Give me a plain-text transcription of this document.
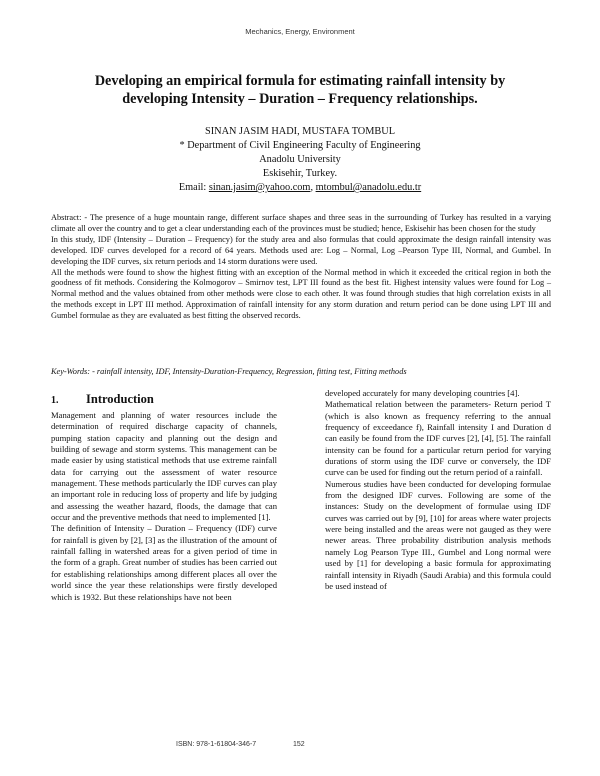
Mechanics, Energy, Environment
Developing an empirical formula for estimating rainfall intensity by developing Intensity – Duration – Frequency relationships.
SINAN JASIM HADI, MUSTAFA TOMBUL
* Department of Civil Engineering Faculty of Engineering
Anadolu University
Eskisehir, Turkey.
Email: sinan.jasim@yahoo.com, mtombul@anadolu.edu.tr

Abstract: - The presence of a huge mountain range, different surface shapes and three seas in the surrounding of Turkey has resulted in a varying climate all over the country and to get a clear understanding each of the provinces must be studied; hence, Eskisehir has been chosen for the study

In this study, IDF (Intensity – Duration – Frequency) for the study area and also formulas that could approximate the design rainfall intensity was developed. IDF curves developed for a record of 64 years. Methods used are: Log – Normal, Log –Pearson Type III, Normal, and Gumbel. In developing the IDF curves, six return periods and 14 storm durations were used.

All the methods were found to show the highest fitting with an exception of the Normal method in which it exceeded the critical region in both the goodness of fit methods. Considering the Kolmogorov – Smirnov test, LPT III found as the best fit. Highest intensity values were found for Log – Normal method and the values obtained from other methods were close to each other. It was found through studies that high correlation exists in all the methods except in LPT III method. Approximation of rainfall intensity for any storm duration and return period can be done using LPT III and Gumbel formulae as they are evaluated as best fitting the observed records.

Key-Words: - rainfall intensity, IDF, Intensity-Duration-Frequency, Regression, fitting test, Fitting methods
1. Introduction

Management and planning of water resources include the determination of required discharge capacity of channels, pumping station capacity and planning out the design and building of sewage and storm systems. This management can be made easier by using statistical methods that use extreme rainfall data for carrying out the assessment of water resource management. These methods particularly the IDF curves can play an important role in reducing loss of property and life by judging and assessing the weather hazard, floods, the damage that can occur and the preventive methods that need to implemented [1].

The definition of Intensity – Duration – Frequency (IDF) curve for rainfall is given by [2], [3] as the illustration of the amount of rainfall falling in watershed areas for a given period of time in the form of a graph. Great number of studies has been carried out for establishing relationships among different places all over the world since the year these relationships were firstly developed which is 1932. But these relationships have not been

developed accurately for many developing countries [4].

Mathematical relation between the parameters- Return period T (which is also known as frequency referring to the annual frequency of exceedance f), Rainfall intensity I and Duration d can easily be found from the IDF curves [2], [4], [5]. The rainfall intensity can be found for a particular return period for varying durations of storm using the IDF curve or conversely, the IDF curve can be used for finding out the return period of a rainfall.

Numerous studies have been conducted for developing formulae from the designed IDF curves. Following are some of the instances: Study on the development of formulae using IDF curves was carried out by [9], [10] for areas where water projects were being installed and the areas were not gauged as they were newer areas. Three probability distribution analysis methods namely Log Pearson Type III., Gumbel and Long normal were used by [1] for developing a basic formula for approximating rainfall intensity in Riyadh (Saudi Arabia) and this formula could be used instead of

ISBN: 978-1-61804-346-7	152
